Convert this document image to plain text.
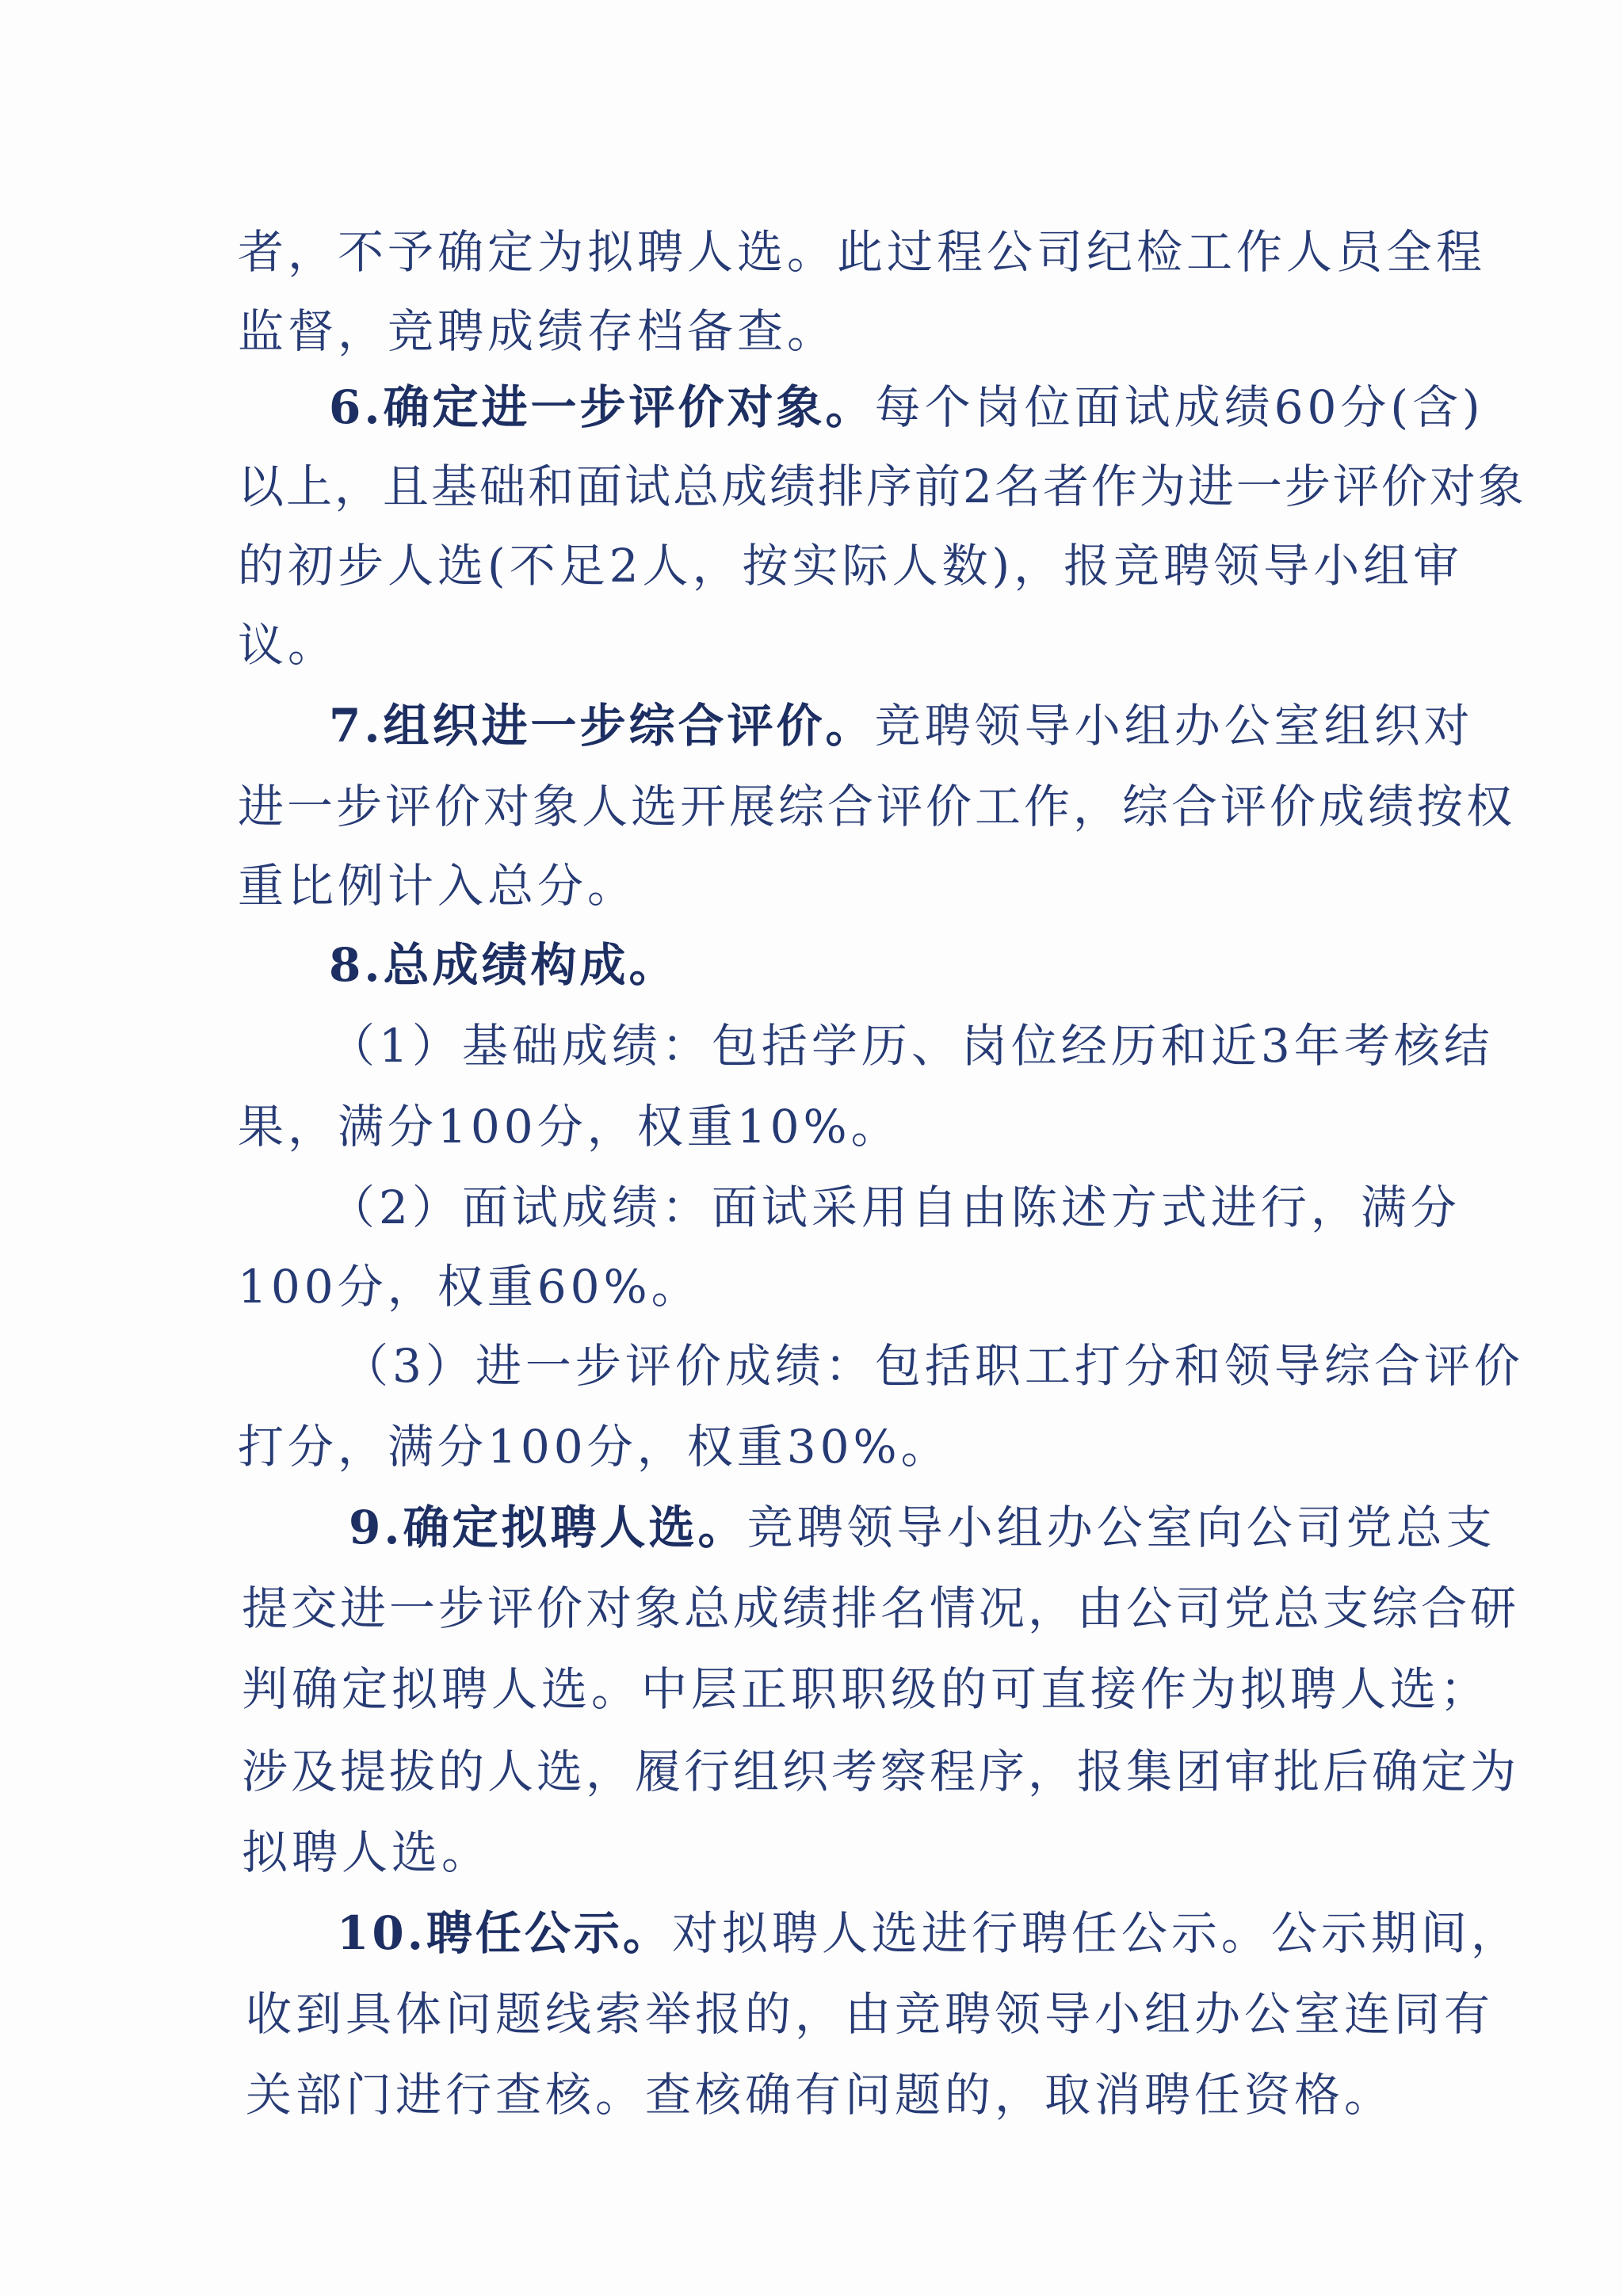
者，不予确定为拟聘人选。此过程公司纪检工作人员全程

监督，竞聘成绩存档备查。

6.确定进一步评价对象。每个岗位面试成绩60分(含)

以上，且基础和面试总成绩排序前2名者作为进一步评价对象

的初步人选(不足2人，按实际人数)，报竞聘领导小组审

议。

7.组织进一步综合评价。竞聘领导小组办公室组织对

进一步评价对象人选开展综合评价工作，综合评价成绩按权

重比例计入总分。

8.总成绩构成。

（1）基础成绩：包括学历、岗位经历和近3年考核结

果，满分100分，权重10%。

（2）面试成绩：面试采用自由陈述方式进行，满分

100分，权重60%。

（3）进一步评价成绩：包括职工打分和领导综合评价

打分，满分100分，权重30%。

9.确定拟聘人选。竞聘领导小组办公室向公司党总支

提交进一步评价对象总成绩排名情况，由公司党总支综合研

判确定拟聘人选。中层正职职级的可直接作为拟聘人选；

涉及提拔的人选，履行组织考察程序，报集团审批后确定为

拟聘人选。

10.聘任公示。对拟聘人选进行聘任公示。公示期间，

收到具体问题线索举报的，由竞聘领导小组办公室连同有

关部门进行查核。查核确有问题的，取消聘任资格。
